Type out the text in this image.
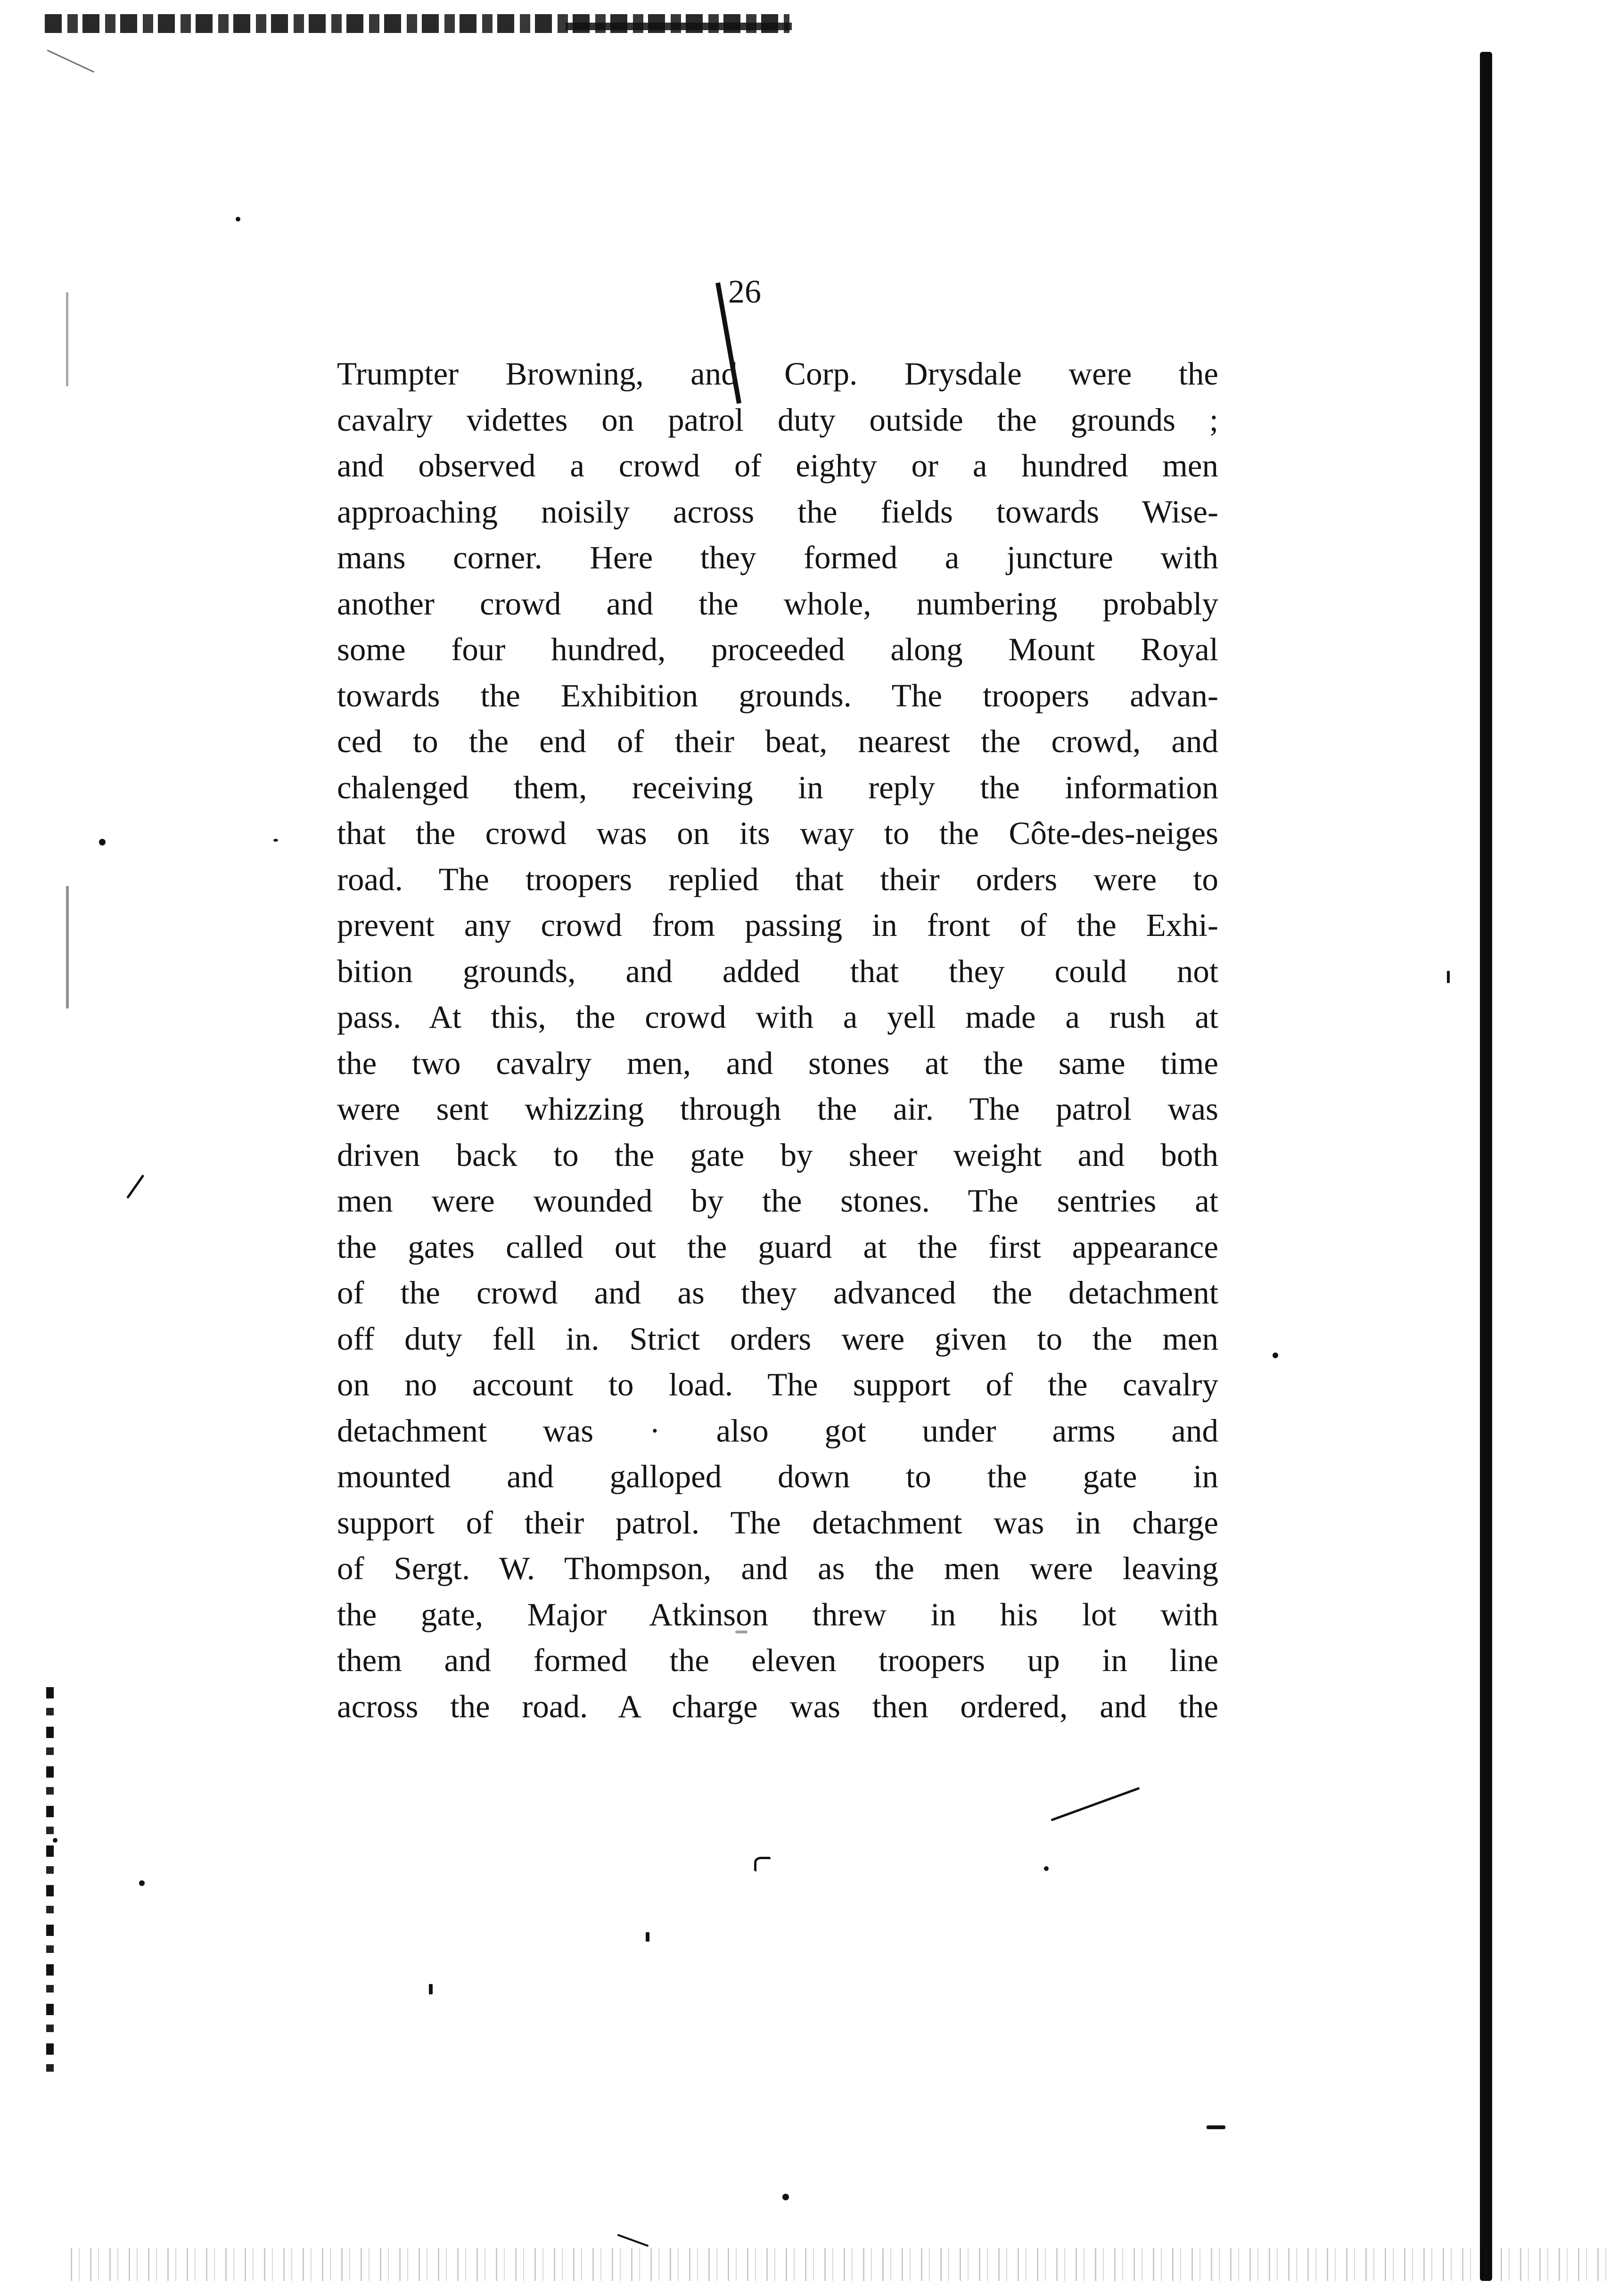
26
Trumpter Browning, and Corp. Drysdale were the
cavalry videttes on patrol duty outside the grounds ;
and observed a crowd of eighty or a hundred men
approaching noisily across the fields towards Wise-
mans corner. Here they formed a juncture with
another crowd and the whole, numbering probably
some four hundred, proceeded along Mount Royal
towards the Exhibition grounds. The troopers advan-
ced to the end of their beat, nearest the crowd, and
chalenged them, receiving in reply the information
that the crowd was on its way to the Côte-des-neiges
road. The troopers replied that their orders were to
prevent any crowd from passing in front of the Exhi-
bition grounds, and added that they could not
pass. At this, the crowd with a yell made a rush at
the two cavalry men, and stones at the same time
were sent whizzing through the air. The patrol was
driven back to the gate by sheer weight and both
men were wounded by the stones. The sentries at
the gates called out the guard at the first appearance
of the crowd and as they advanced the detachment
off duty fell in. Strict orders were given to the men
on no account to load. The support of the cavalry
detachment was · also got under arms and
mounted and galloped down to the gate in
support of their patrol. The detachment was in charge
of Sergt. W. Thompson, and as the men were leaving
the gate, Major Atkinson threw in his lot with
them and formed the eleven troopers up in line
across the road. A charge was then ordered, and the
